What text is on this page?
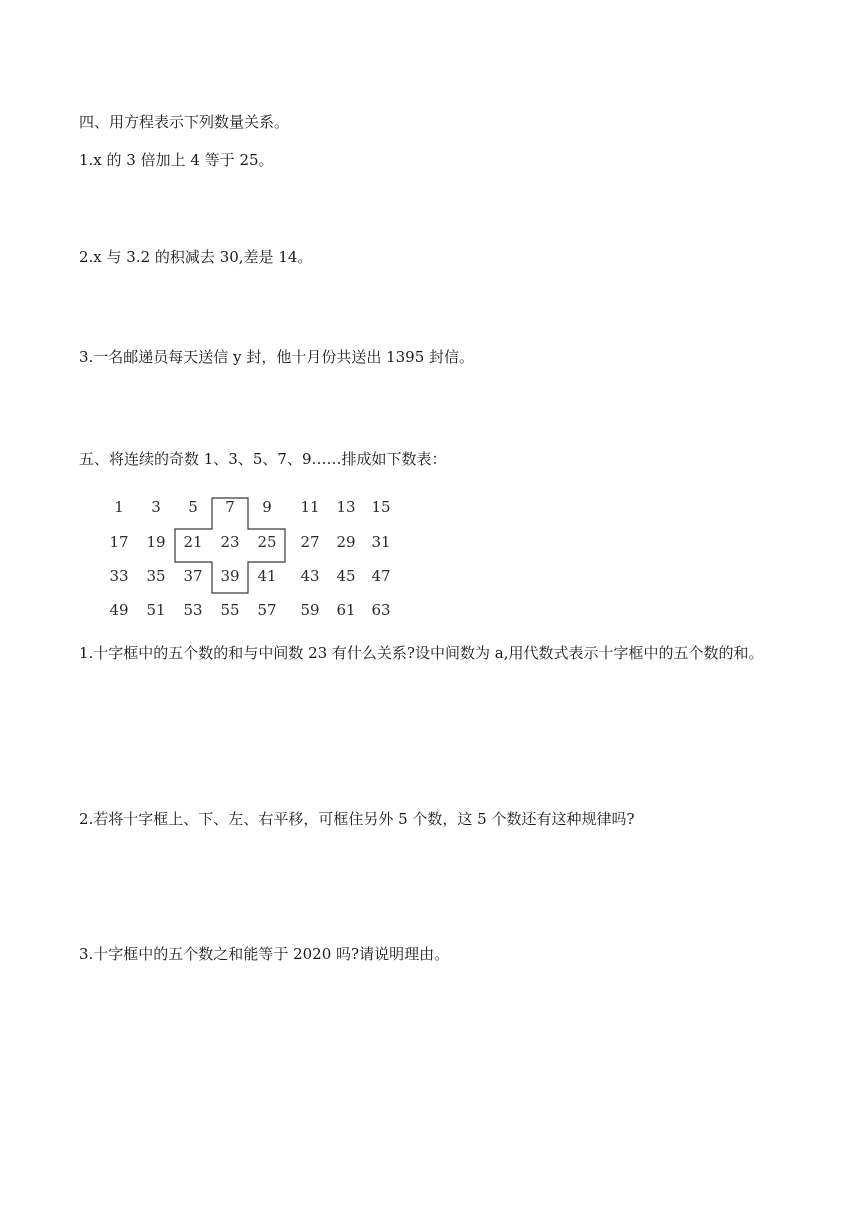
四、用方程表示下列数量关系。
1.x 的 3 倍加上 4 等于 25。
2.x 与 3.2 的积减去 30,差是 14。
3.一名邮递员每天送信 y 封，他十月份共送出 1395 封信。
五、将连续的奇数 1、3、5、7、9……排成如下数表：
1 3 5 7 9 11 13 15
17 19 21 23 25 27 29 31
33 35 37 39 41 43 45 47
49 51 53 55 57 59 61 63
1.十字框中的五个数的和与中间数 23 有什么关系?设中间数为 a,用代数式表示十字框中的五个数的和。
2.若将十字框上、下、左、右平移，可框住另外 5 个数，这 5 个数还有这种规律吗?
3.十字框中的五个数之和能等于 2020 吗?请说明理由。
